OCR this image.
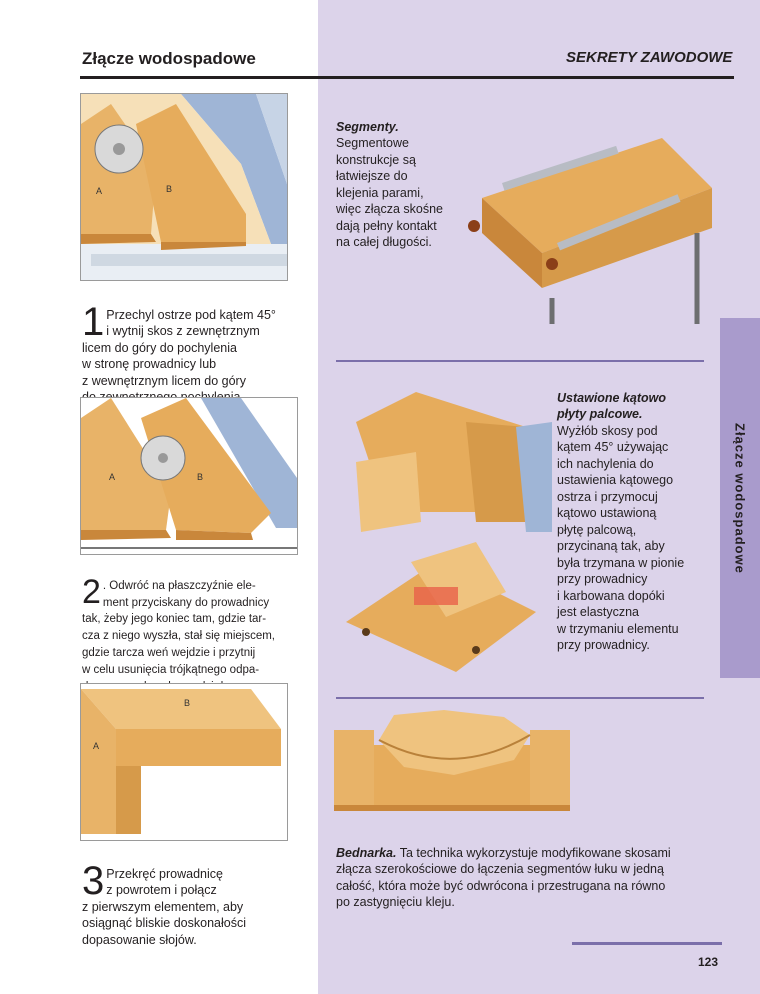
Złącze wodospadowe	SEKRETY ZAWODOWE
A	B

1 Przechyl ostrze pod kątem 45°
i wytnij skos z zewnętrznym
licem do góry do pochylenia
w stronę prowadnicy lub
z wewnętrznym licem do góry

A	B

2 . Odwróć na płaszczyźnie ele-
ment przyciskany do prowadnicy
tak, żeby jego koniec tam, gdzie tar-
cza z niego wyszła, stał się miejscem,
gdzie tarcza weń wejdzie i przytnij
w celu usunięcia trójkątnego odpa-

B
A

3 Przekręć prowadnicę
z powrotem i połącz
z pierwszym elementem, aby
osiągnąć bliskie doskonałości
dopasowanie słojów.

Segmenty.
Segmentowe
konstrukcje są
łatwiejsze do
klejenia parami,
więc złącza skośne
dają pełny kontakt
na całej długości.

Ustawione kątowo
płyty palcowe.
Wyżłób skosy pod
kątem 45° używając
ich nachylenia do
ustawienia kątowego
ostrza i przymocuj
kątowo ustawioną
płytę palcową,
przycinaną tak, aby
była trzymana w pionie
przy prowadnicy
i karbowana dopóki
jest elastyczna
w trzymaniu elementu
przy prowadnicy.

Bednarka. Ta technika wykorzystuje modyfikowane skosami
złącza szerokościowe do łączenia segmentów łuku w jedną
całość, która może być odwrócona i przestrugana na równo
po zastygnięciu kleju.

Złącze wodospadowe
123
